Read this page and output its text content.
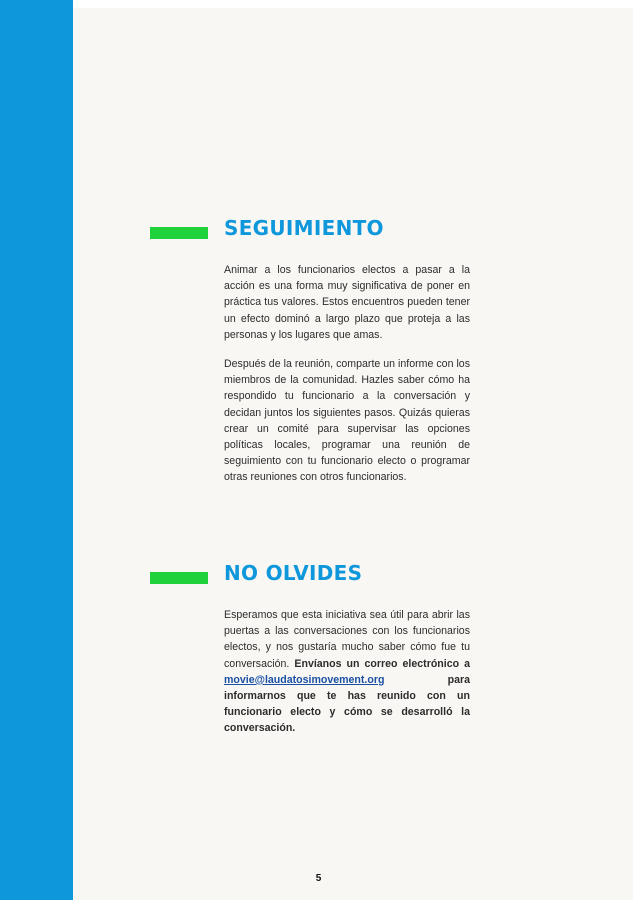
SEGUIMIENTO

Animar a los funcionarios electos a pasar a la acción es una forma muy significativa de poner en práctica tus valores. Estos encuentros pueden tener un efecto dominó a largo plazo que proteja a las personas y los lugares que amas.

Después de la reunión, comparte un informe con los miembros de la comunidad. Hazles saber cómo ha respondido tu funcionario a la conversación y decidan juntos los siguientes pasos. Quizás quieras crear un comité para supervisar las opciones políticas locales, programar una reunión de seguimiento con tu funcionario electo o programar otras reuniones con otros funcionarios.

NO OLVIDES

Esperamos que esta iniciativa sea útil para abrir las puertas a las conversaciones con los funcionarios electos, y nos gustaría mucho saber cómo fue tu conversación. Envíanos un correo electrónico a movie@laudatosimovement.org	para informarnos que te has reunido con un funcionario electo y cómo se desarrolló la conversación.

5
